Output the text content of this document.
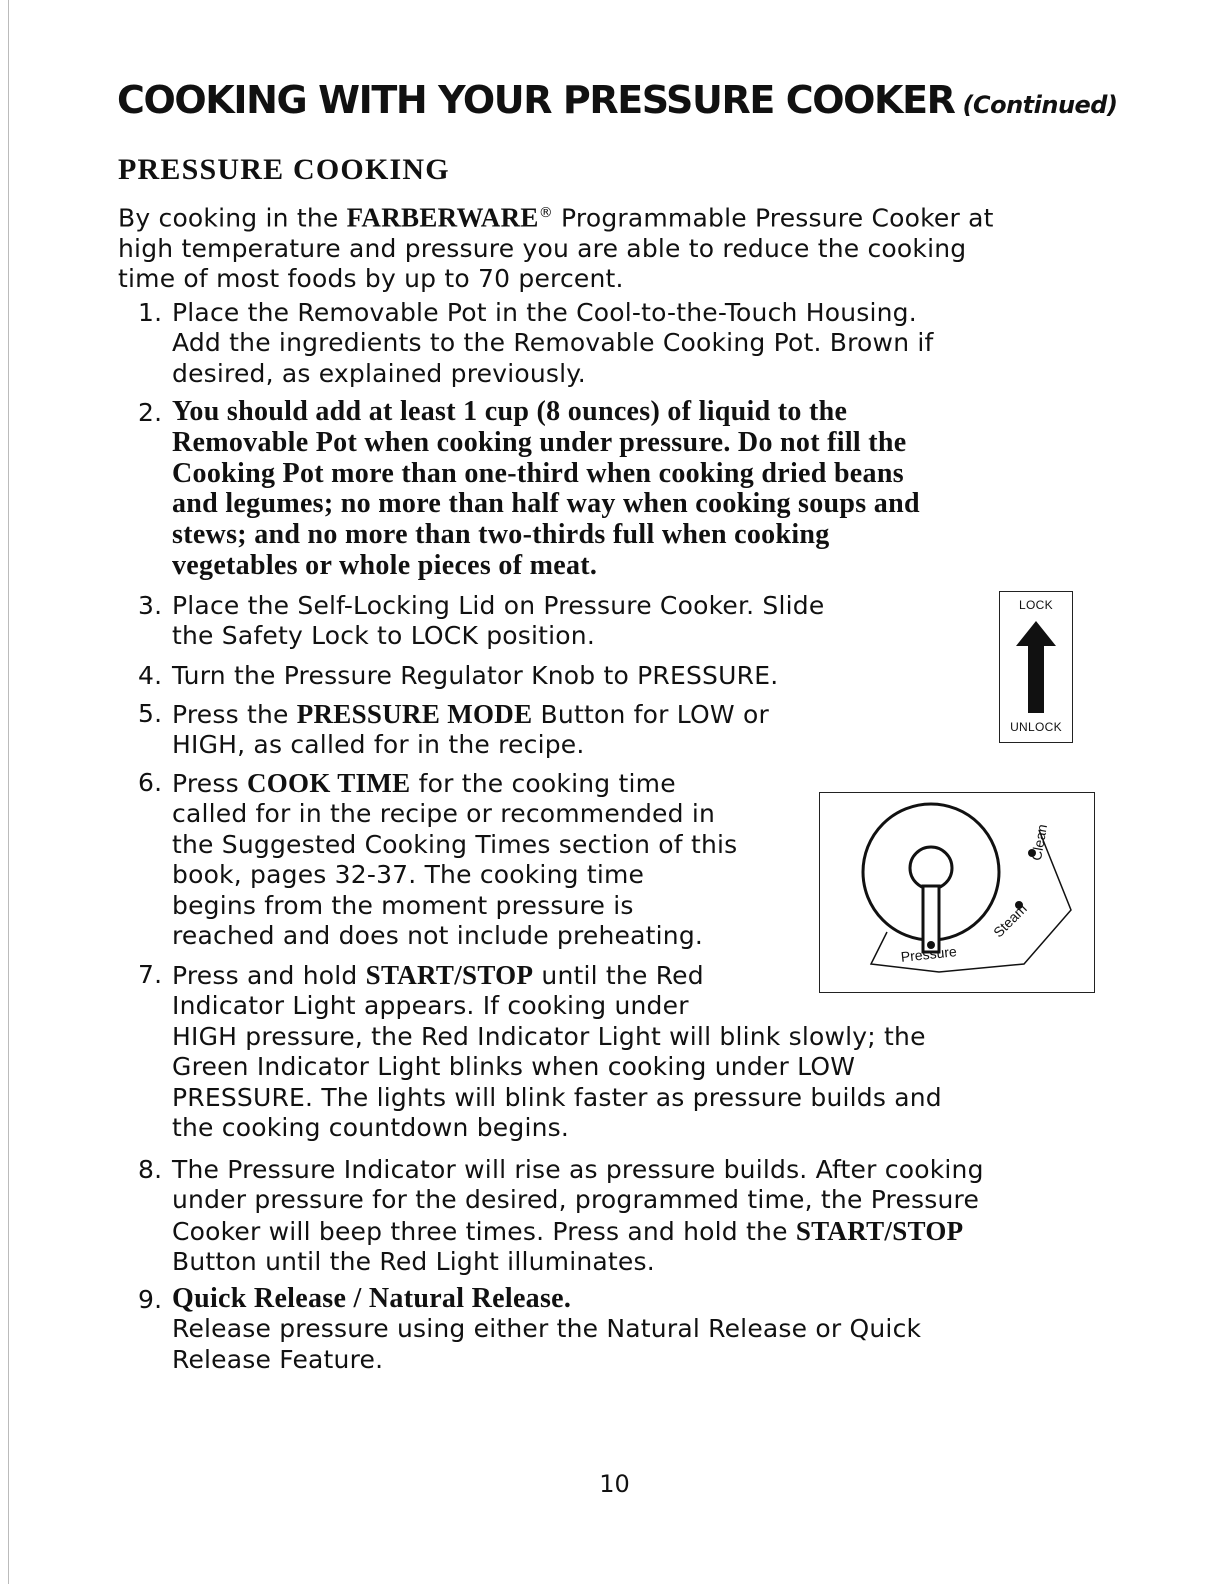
COOKING WITH YOUR PRESSURE COOKER (Continued)
PRESSURE COOKING
By cooking in the FARBERWARE® Programmable Pressure Cooker at
high temperature and pressure you are able to reduce the cooking
time of most foods by up to 70 percent.
1. Place the Removable Pot in the Cool-to-the-Touch Housing.
Add the ingredients to the Removable Cooking Pot. Brown if
desired, as explained previously.
2. You should add at least 1 cup (8 ounces) of liquid to the
Removable Pot when cooking under pressure. Do not fill the
Cooking Pot more than one-third when cooking dried beans
and legumes; no more than half way when cooking soups and
stews; and no more than two-thirds full when cooking
vegetables or whole pieces of meat.
3. Place the Self-Locking Lid on Pressure Cooker. Slide
the Safety Lock to LOCK position.
4. Turn the Pressure Regulator Knob to PRESSURE.
5. Press the PRESSURE MODE Button for LOW or
HIGH, as called for in the recipe.
6. Press COOK TIME for the cooking time
called for in the recipe or recommended in
the Suggested Cooking Times section of this
book, pages 32-37. The cooking time
begins from the moment pressure is
reached and does not include preheating.
7. Press and hold START/STOP until the Red
Indicator Light appears. If cooking under
HIGH pressure, the Red Indicator Light will blink slowly; the
Green Indicator Light blinks when cooking under LOW
PRESSURE. The lights will blink faster as pressure builds and
the cooking countdown begins.
8. The Pressure Indicator will rise as pressure builds. After cooking
under pressure for the desired, programmed time, the Pressure
Cooker will beep three times. Press and hold the START/STOP
Button until the Red Light illuminates.
9. Quick Release / Natural Release.
Release pressure using either the Natural Release or Quick
Release Feature.
LOCK
UNLOCK
Clean
Steam
Pressure
10
